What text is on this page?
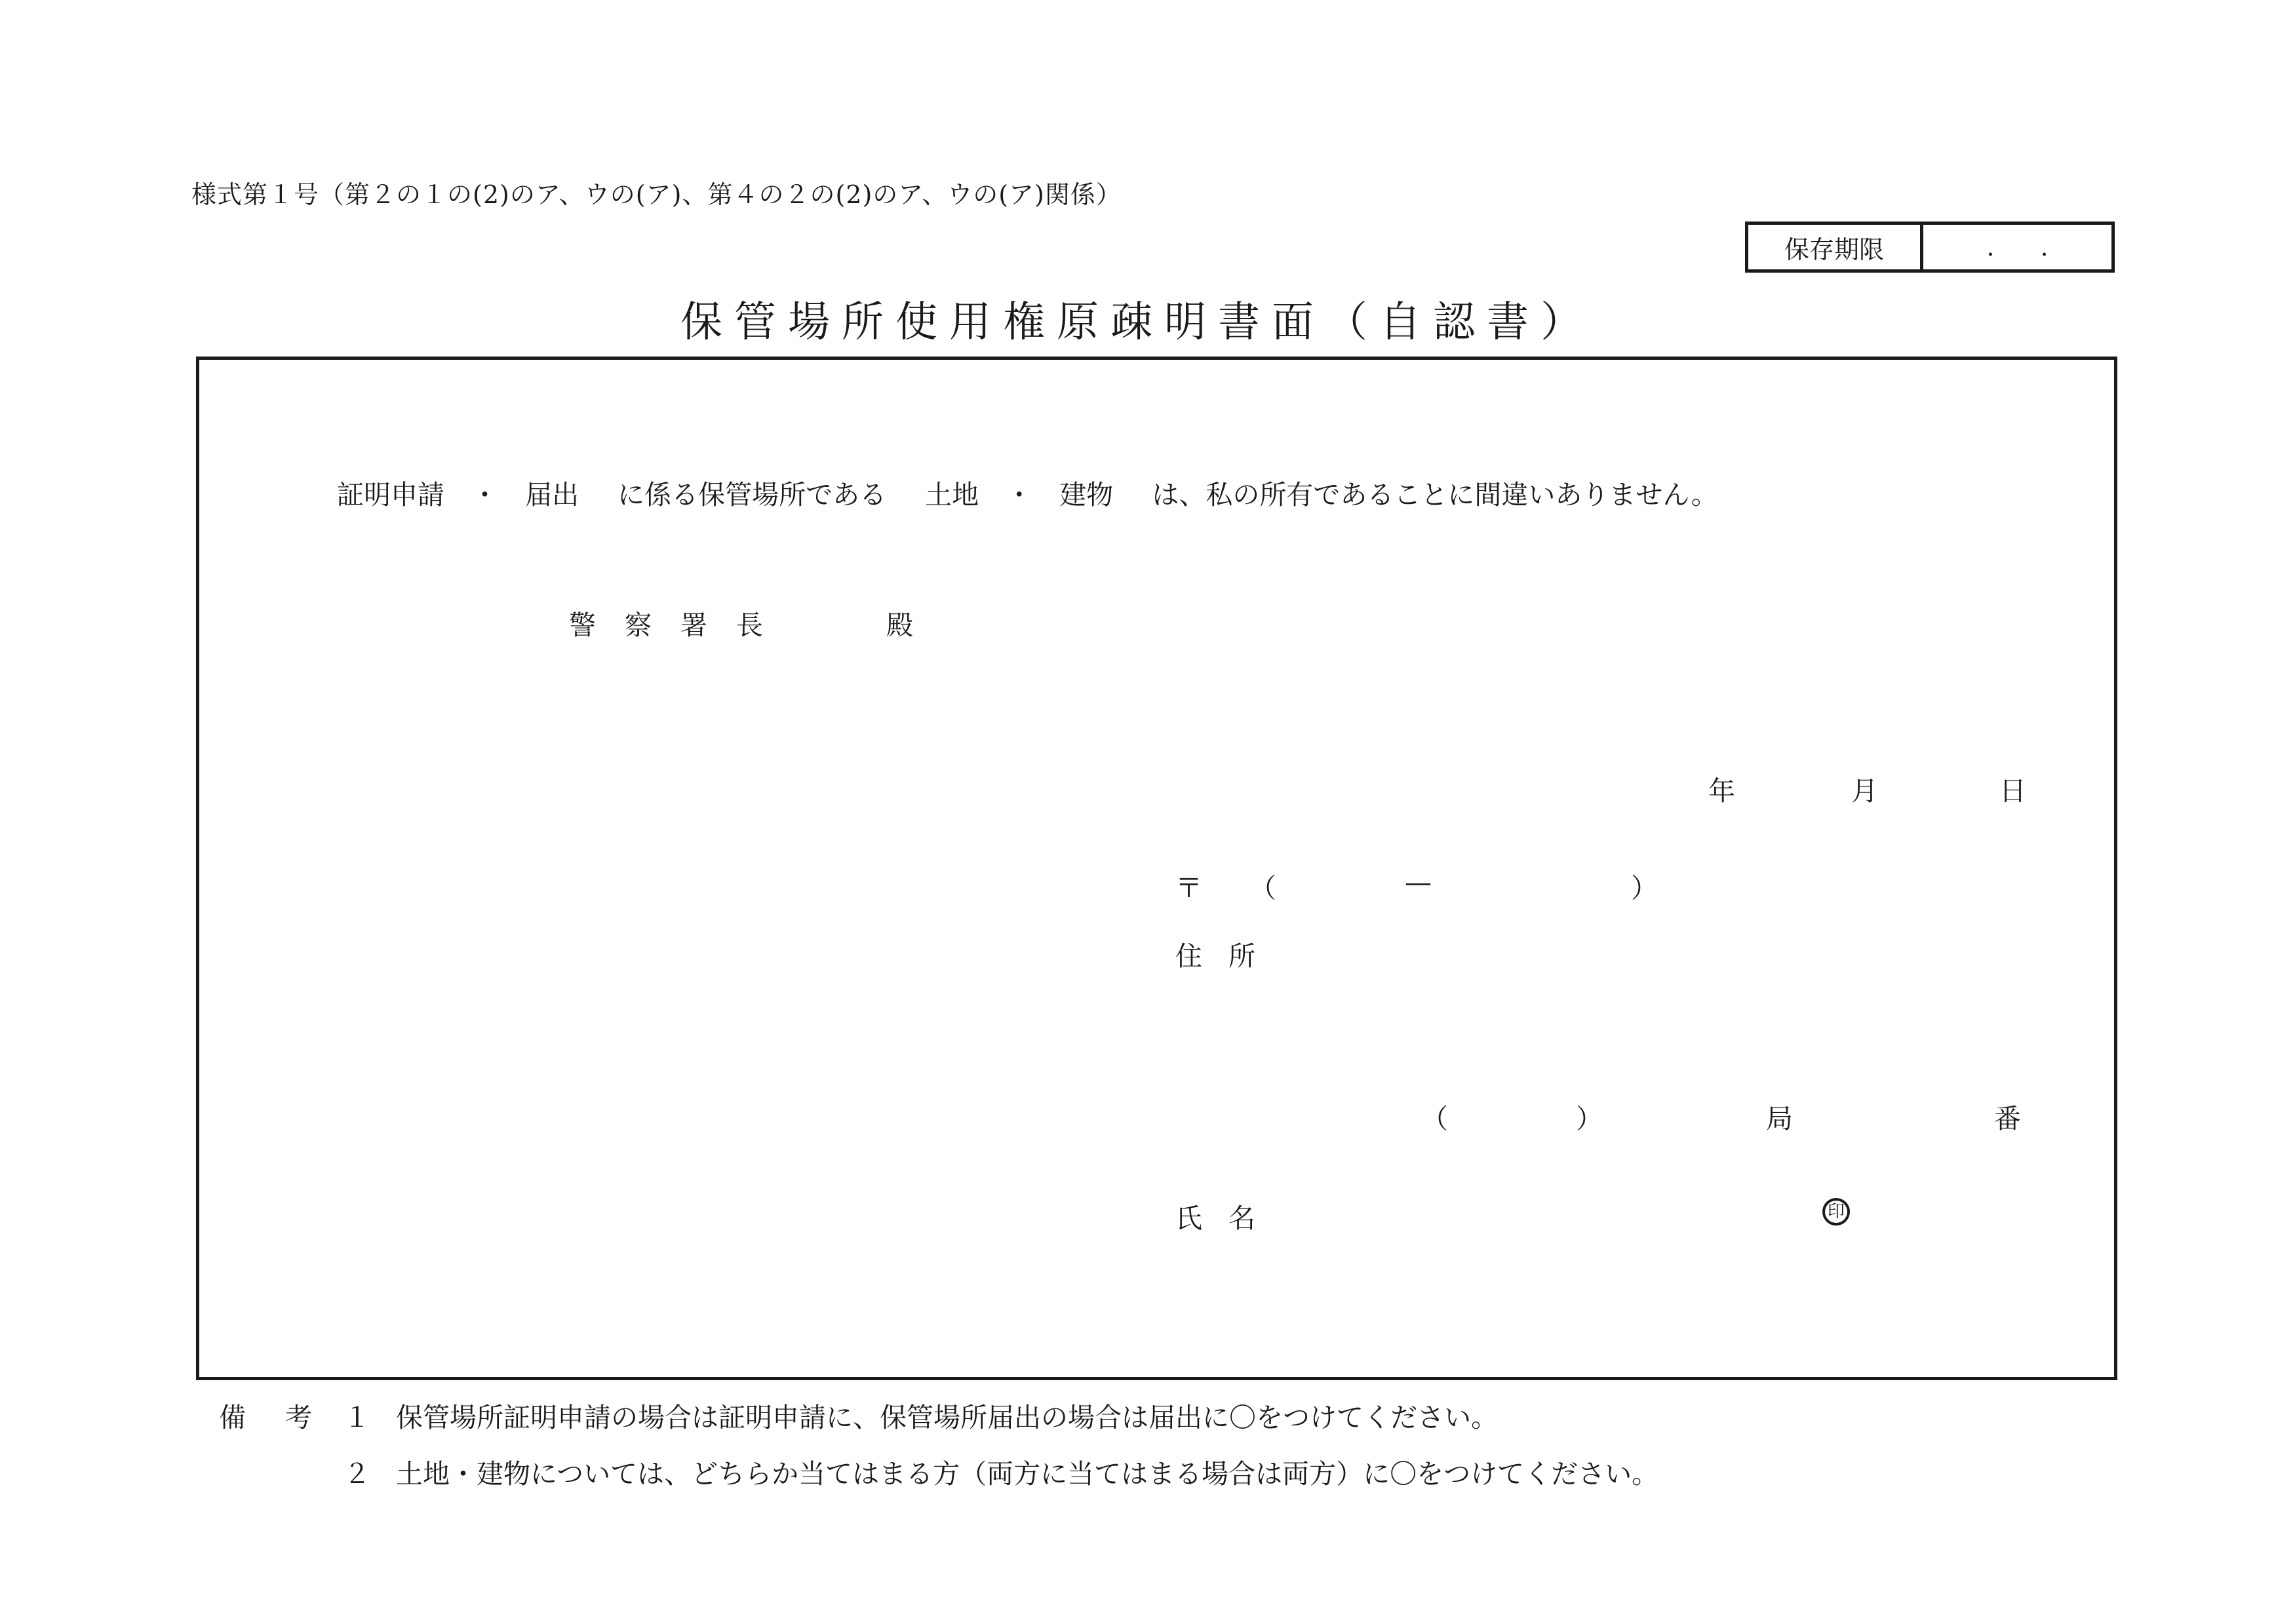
様式第１号（第２の１の(2)のア、ウの(ア)、第４の２の(2)のア、ウの(ア)関係）
保存期限	..
保管場所使用権原疎明書面（自認書）
証明申請 ・ 届出 に係る保管場所である 土地 ・ 建物 は、私の所有であることに間違いありません。
警察署長	殿
年	月	日
〒 （	—	）
住所
（	）	局	番
氏名	印
備考
１ 保管場所証明申請の場合は証明申請に、保管場所届出の場合は届出に〇をつけてください。
２ 土地・建物については、どちらか当てはまる方（両方に当てはまる場合は両方）に〇をつけてください。
